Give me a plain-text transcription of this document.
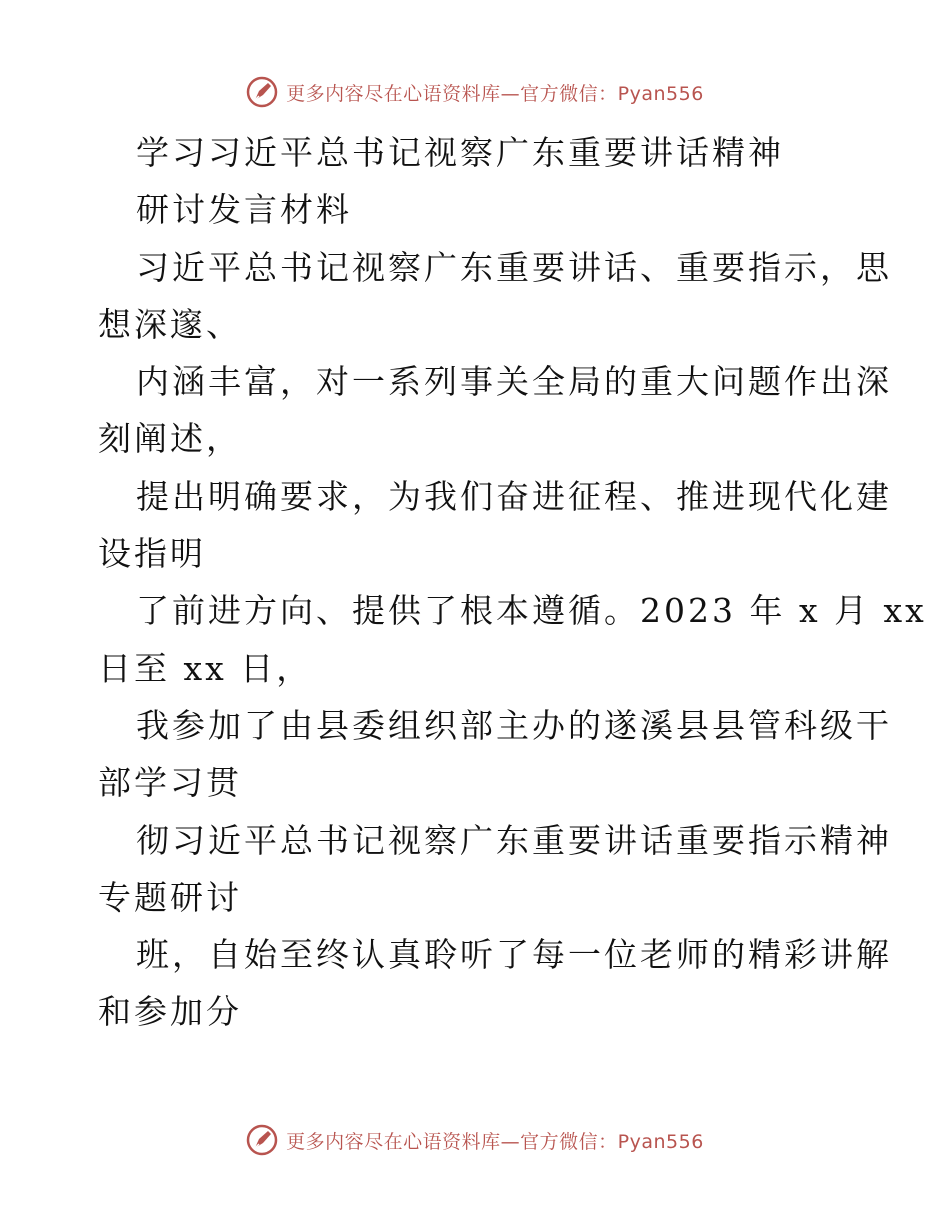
更多内容尽在心语资料库—官方微信：Pyan556
学习习近平总书记视察广东重要讲话精神
研讨发言材料
习近平总书记视察广东重要讲话、重要指示，思
想深邃、
内涵丰富，对一系列事关全局的重大问题作出深
刻阐述，
提出明确要求，为我们奋进征程、推进现代化建
设指明
了前进方向、提供了根本遵循。2023 年 x 月 xx
日至 xx 日，
我参加了由县委组织部主办的遂溪县县管科级干
部学习贯
彻习近平总书记视察广东重要讲话重要指示精神
专题研讨
班，自始至终认真聆听了每一位老师的精彩讲解
和参加分
更多内容尽在心语资料库—官方微信：Pyan556
